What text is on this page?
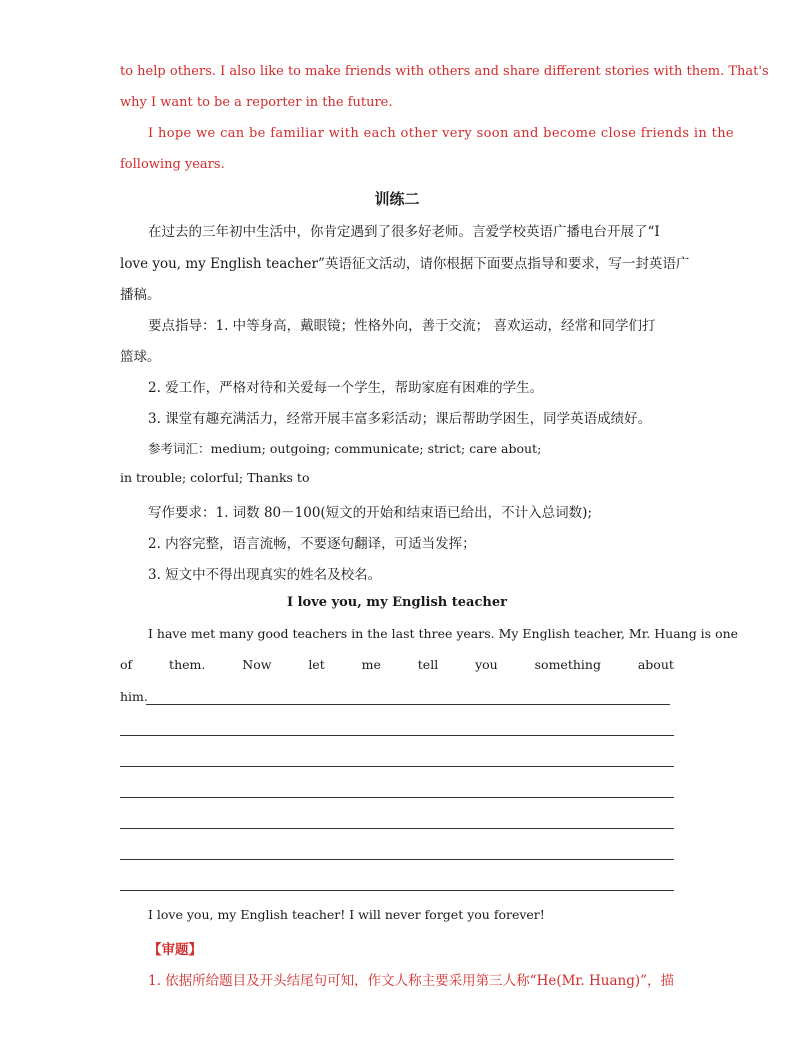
to help others. I also like to make friends with others and share different stories with them. That's
why I want to be a reporter in the future.
I hope we can be familiar with each other very soon and become close friends in the
following years.
训练二
在过去的三年初中生活中，你肯定遇到了很多好老师。言爱学校英语广播电台开展了“I
love you, my English teacher”英语征文活动，请你根据下面要点指导和要求，写一封英语广
播稿。
要点指导：1. 中等身高，戴眼镜；性格外向，善于交流； 喜欢运动，经常和同学们打
篮球。
2. 爱工作，严格对待和关爱每一个学生，帮助家庭有困难的学生。
3. 课堂有趣充满活力，经常开展丰富多彩活动；课后帮助学困生，同学英语成绩好。
参考词汇：medium; outgoing; communicate; strict; care about;
in trouble; colorful; Thanks to
写作要求：1. 词数 80－100(短文的开始和结束语已给出，不计入总词数);
2. 内容完整，语言流畅，不要逐句翻译，可适当发挥；
3. 短文中不得出现真实的姓名及校名。
I love you, my English teacher
I have met many good teachers in the last three years. My English teacher, Mr. Huang is one
of	them.	Now	let	me	tell	you	something	about
him.
I love you, my English teacher! I will never forget you forever!
【审题】
1. 依据所给题目及开头结尾句可知，作文人称主要采用第三人称“He(Mr. Huang)”，描
